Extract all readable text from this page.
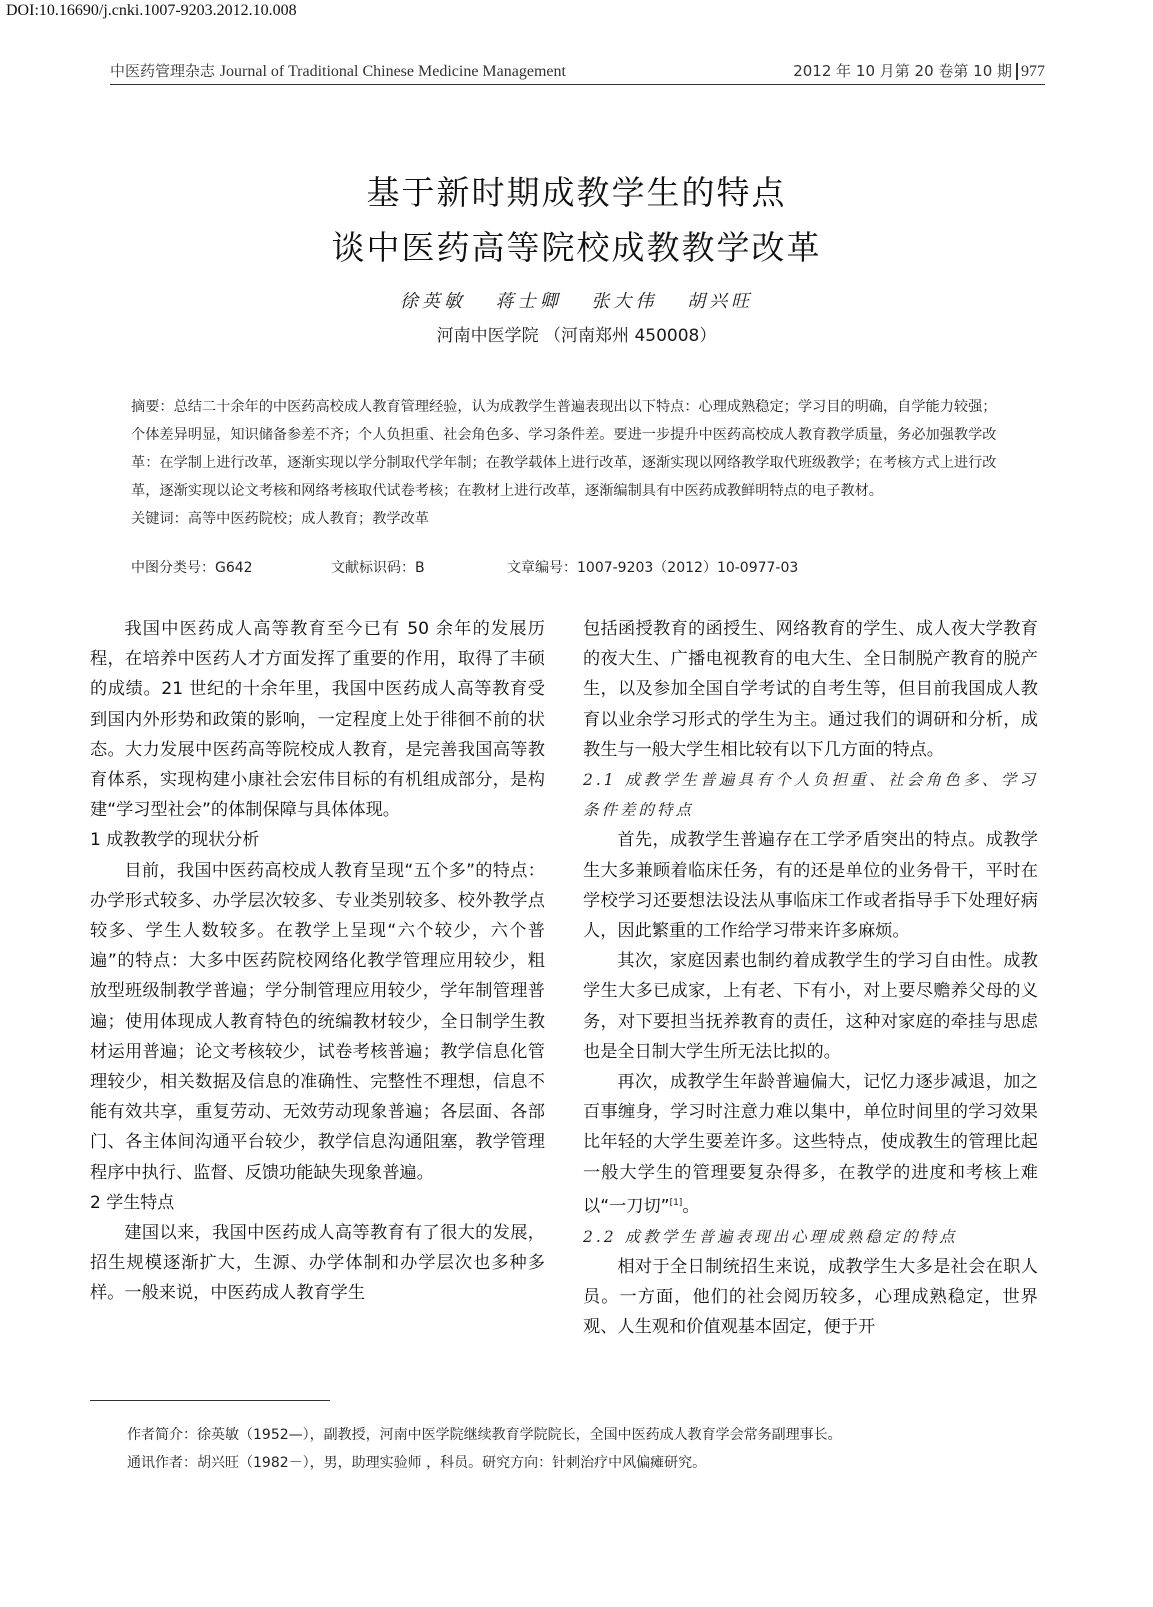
DOI:10.16690/j.cnki.1007-9203.2012.10.008
中医药管理杂志 Journal of Traditional Chinese Medicine Management	2012 年 10 月第 20 卷第 10 期 977
基于新时期成教学生的特点
谈中医药高等院校成教教学改革
徐英敏 蒋士卿 张大伟 胡兴旺
河南中医学院 （河南郑州 450008）

摘要：总结二十余年的中医药高校成人教育管理经验，认为成教学生普遍表现出以下特点：心理成熟稳定；学习目的明确，自学能力较强；个体差异明显，知识储备参差不齐；个人负担重、社会角色多、学习条件差。要进一步提升中医药高校成人教育教学质量，务必加强教学改革：在学制上进行改革，逐渐实现以学分制取代学年制；在教学载体上进行改革，逐渐实现以网络教学取代班级教学；在考核方式上进行改革，逐渐实现以论文考核和网络考核取代试卷考核；在教材上进行改革，逐渐编制具有中医药成教鲜明特点的电子教材。

关键词：高等中医药院校；成人教育；教学改革

中图分类号：G642	文献标识码：B	文章编号：1007-9203（2012）10-0977-03

我国中医药成人高等教育至今已有 50 余年的发展历程，在培养中医药人才方面发挥了重要的作用，取得了丰硕的成绩。21 世纪的十余年里，我国中医药成人高等教育受到国内外形势和政策的影响，一定程度上处于徘徊不前的状态。大力发展中医药高等院校成人教育，是完善我国高等教育体系，实现构建小康社会宏伟目标的有机组成部分，是构建“学习型社会”的体制保障与具体体现。

1 成教教学的现状分析

目前，我国中医药高校成人教育呈现“五个多”的特点：办学形式较多、办学层次较多、专业类别较多、校外教学点较多、学生人数较多。在教学上呈现“六个较少，六个普遍”的特点：大多中医药院校网络化教学管理应用较少，粗放型班级制教学普遍；学分制管理应用较少，学年制管理普遍；使用体现成人教育特色的统编教材较少，全日制学生教材运用普遍；论文考核较少，试卷考核普遍；教学信息化管理较少，相关数据及信息的准确性、完整性不理想，信息不能有效共享，重复劳动、无效劳动现象普遍；各层面、各部门、各主体间沟通平台较少，教学信息沟通阻塞，教学管理程序中执行、监督、反馈功能缺失现象普遍。

2 学生特点

建国以来，我国中医药成人高等教育有了很大的发展，招生规模逐渐扩大，生源、办学体制和办学层次也多种多样。一般来说，中医药成人教育学生

包括函授教育的函授生、网络教育的学生、成人夜大学教育的夜大生、广播电视教育的电大生、全日制脱产教育的脱产生，以及参加全国自学考试的自考生等，但目前我国成人教育以业余学习形式的学生为主。通过我们的调研和分析，成教生与一般大学生相比较有以下几方面的特点。

2.1 成教学生普遍具有个人负担重、社会角色多、学习条件差的特点

首先，成教学生普遍存在工学矛盾突出的特点。成教学生大多兼顾着临床任务，有的还是单位的业务骨干，平时在学校学习还要想法设法从事临床工作或者指导手下处理好病人，因此繁重的工作给学习带来许多麻烦。

其次，家庭因素也制约着成教学生的学习自由性。成教学生大多已成家，上有老、下有小，对上要尽赡养父母的义务，对下要担当抚养教育的责任，这种对家庭的牵挂与思虑也是全日制大学生所无法比拟的。

再次，成教学生年龄普遍偏大，记忆力逐步减退，加之百事缠身，学习时注意力难以集中，单位时间里的学习效果比年轻的大学生要差许多。这些特点，使成教生的管理比起一般大学生的管理要复杂得多，在教学的进度和考核上难以“一刀切”[1]。

2.2 成教学生普遍表现出心理成熟稳定的特点

相对于全日制统招生来说，成教学生大多是社会在职人员。一方面，他们的社会阅历较多，心理成熟稳定，世界观、人生观和价值观基本固定，便于开

作者简介：徐英敏（1952—），副教授，河南中医学院继续教育学院院长，全国中医药成人教育学会常务副理事长。

通讯作者：胡兴旺（1982－），男，助理实验师 ，科员。研究方向：针刺治疗中风偏瘫研究。
